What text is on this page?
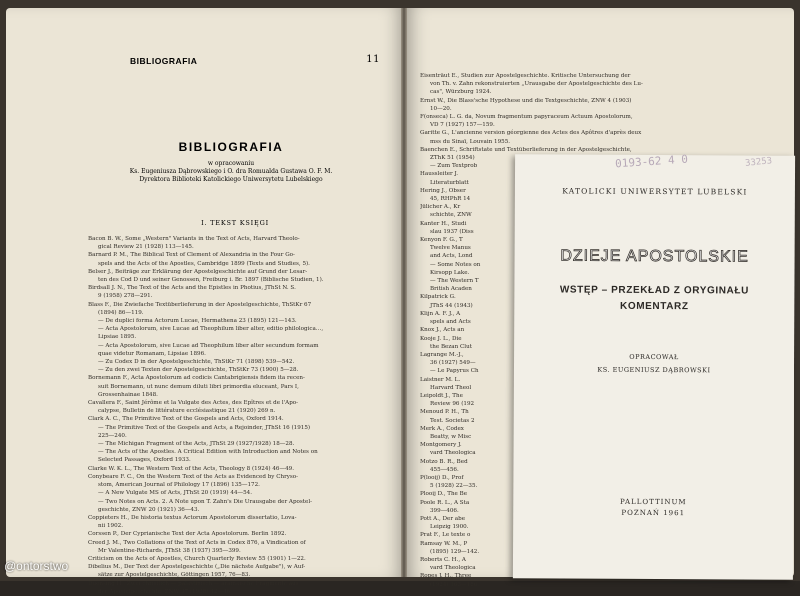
BIBLIOGRAFIA	11
BIBLIOGRAFIA
w opracowaniu
Ks. Eugeniusza Dąbrowskiego i O. dra Romualda Gustawa O. F. M.
Dyrektora Biblioteki Katolickiego Uniwersytetu Lubelskiego
I. TEKST KSIĘGI
Bacon B. W., Some „Western" Variants in the Text of Acts, Harvard Theolo-
gical Review 21 (1928) 113—145.
Barnard P. M., The Biblical Text of Clement of Alexandria in the Four Go-
spels and the Acts of the Apostles, Cambridge 1899 (Texts and Studies, 5).
Belser J., Beiträge zur Erklärung der Apostelgeschichte auf Grund der Lesar-
ten des Cod D und seiner Genossen, Freiburg i. Br. 1897 (Biblische Studien, 1).
Birdsall J. N., The Text of the Acts and the Epistles in Photius, JThSt N. S.
9 (1958) 278—291.
Blass F., Die Zwiefache Textüberlieferung in der Apostelgeschichte, ThStKr 67
(1894) 86—119.
— De duplici forma Actorum Lucae, Hermathena 23 (1895) 121—143.
— Acta Apostolorum, sive Lucae ad Theophilum liber alter, editio philologica…,
Lipsiae 1895.
— Acta Apostolorum, sive Lucae ad Theophilum liber alter secundum formam
quae videtur Romanam, Lipsiae 1896.
— Zu Codex D in der Apostelgeschichte, ThStKr 71 (1898) 539—542.
— Zu den zwei Texten der Apostelgeschichte, ThStKr 73 (1900) 5—28.
Bornemann F., Acta Apostolorum ad codicis Cantabrigiensis fidem ita recen-
suit Bornemann, ut nunc demum diluti libri primordia eluceant, Pars I,
Grossenhainae 1848.
Cavallera F., Saint Jérôme et la Vulgate des Actes, des Epîtres et de l'Apo-
calypse, Bulletin de littérature ecclésiastique 21 (1920) 269 n.
Clark A. C., The Primitive Text of the Gospels and Acts, Oxford 1914.
— The Primitive Text of the Gospels and Acts, a Rejoinder, JThSt 16 (1915)
225—240.
— The Michigan Fragment of the Acts, JThSt 29 (1927/1928) 18—28.
— The Acts of the Apostles. A Critical Edition with Introduction and Notes on
Selected Passages, Oxford 1933.
Clarke W. K. L., The Western Text of the Acts, Theology 8 (1924) 46—49.
Conybeare F. C., On the Western Text of the Acts as Evidenced by Chryso-
stom, American Journal of Philology 17 (1896) 135—172.
— A New Vulgate MS of Acts, JThSt 20 (1919) 44—54.
— Two Notes on Acts. 2. A Note upon T. Zahn's Die Urausgabe der Apostel-
geschichte, ZNW 20 (1921) 36—43.
Coppieters H., De historia textus Actorum Apostolorum dissertatio, Lova-
nii 1902.
Corssen P., Der Cyprianische Text der Acta Apostolorum. Berlin 1892.
Creed J. M., Two Collations of the Text of Acts in Codex 876, a Vindication of
Mr Valentine-Richards, JThSt 38 (1937) 395—399.
Criticism on the Acts of Apostles, Church Quarterly Review 55 (1901) 1—22.
Dibelius M., Der Text der Apostelgeschichte („Die nächste Aufgabe"), w Auf-
sätze zur Apostelgeschichte, Göttingen 1957, 76—83.
Duensing H., Zwei christlich — palästinisch — aramäische Fragmente aus
der Apostelgeschichte, ZNW 37 (1938) 42—46.
Eisenträut E., Studien zur Apostelgeschichte. Kritische Untersuchung der
von Th. v. Zahn rekonstruierten „Urausgabe der Apostelgeschichte des Lu-
cas", Würzburg 1924.
Ernst W., Die Blass'sche Hypothese und die Textgeschichte, ZNW 4 (1903)
10—20.
F(onseca) L. G. da, Novum fragmentum papyraceum Actuum Apostolorum,
VD 7 (1927) 157—159.
Garitte G., L'ancienne version géorgienne des Actes des Apôtres d'après deux
mss du Sinaï, Louvain 1955.
Baenchen E., Schriftstate und Textüberlieferung in der Apostelgeschichte,
ZThK 51 (1954)
— Zum Textprob
Haussleiter J.
Literaturblatt
Hering J., Obser
45, RHPhR 14
Jülicher A., Kr
schichte, ZNW
Kanter H., Studi
slau 1937 (Diss
Kenyon F. G., T
Twelve Manus
and Acts, Lond
— Some Notes on
Kirsopp Lake.
— The Western T
British Acaden
Kilpatrick G.
JThS 44 (1943)
Klijn A. F. J., A
spels and Acts
Knox J., Acts an
Kooje J. L., Die
the Bezan Clut
Lagrange M.-J.,
36 (1927) 549—
— Le Papyrus Ch
Laistner M. L.
Harvard Theol
Leipoldt J., The
Review 96 (192
Menoud P. H., Th
Test. Societas 2
Merk A., Codex
Beatty, w Misc
Montgomery J.
vard Theologica
Motzo B. R., Bed
455—456.
P(looij) D., Prof
5 (1928) 22—35.
Plooij D., The Be
Poole R. L., A Sta
399—406.
Pott A., Der abe
Leipzig 1900.
Prat F., Le texte o
Ramsay W. M., P
(1895) 129—142.
Roberts C. H., A
vard Theologica
Ropes J. H., Three
(1924) 163—186.
0193-62 4 0	33253
KATOLICKI UNIWERSYTET LUBELSKI
DZIEJE APOSTOLSKIE
WSTĘP – PRZEKŁAD Z ORYGINAŁU
KOMENTARZ
OPRACOWAŁ
KS. EUGENIUSZ DĄBROWSKI
PALLOTTINUM
POZNAŃ 1961
@ontorstwo
